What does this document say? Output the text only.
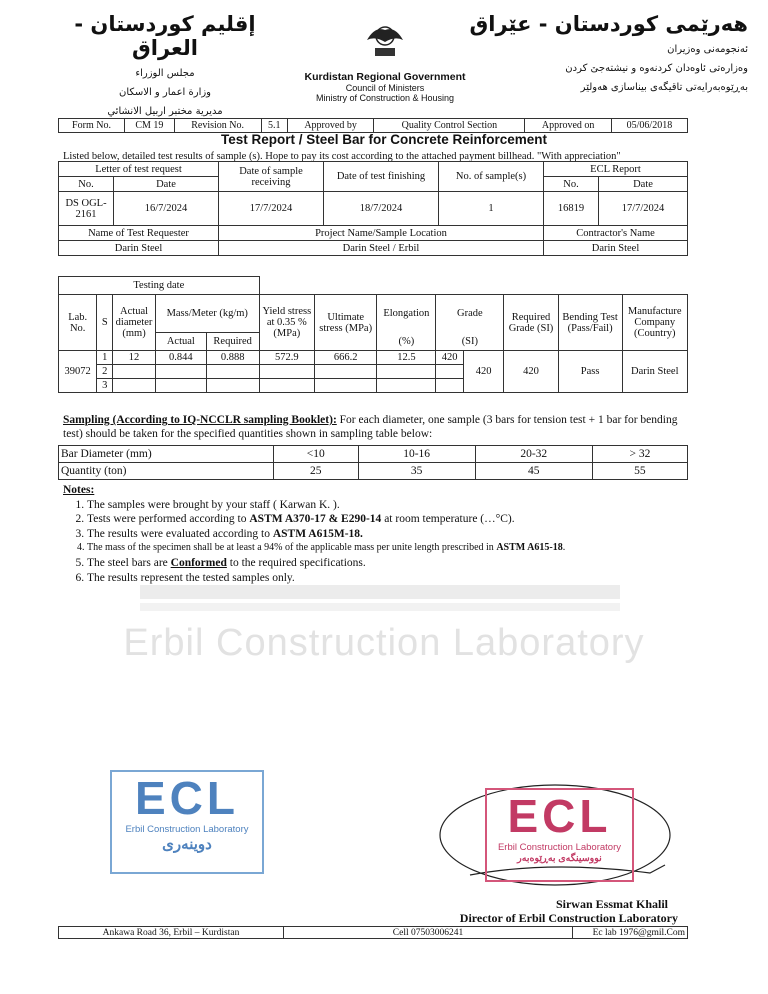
إقليم كوردستان - العراق
مجلس الوزراء
وزارة اعمار و الاسكان
مديرية مختبر اربيل الانشائي
Kurdistan Regional Government
Council of Ministers
Ministry of Construction & Housing
هەرێمی کوردستان - عێراق
ئەنجومەنی وەزیران
وەزارەتی ئاوەدان کردنەوە و نیشتەجێ کردن
بەڕێوەبەرایەتی تاقیگەی بیناسازی هەولێر
Form No.	CM 19	Revision No.	5.1	Approved by	Quality Control Section	Approved on	05/06/2018
Test Report / Steel Bar for Concrete Reinforcement
Listed below, detailed test results of sample (s). Hope to pay its cost according to the attached payment billhead. "With appreciation"
Letter of test request		Date of sample receiving	Date of test finishing	No. of sample(s)	ECL Report	
No.	Date				No.	Date
DS OGL-2161	16/7/2024	17/7/2024	18/7/2024	1	16819	17/7/2024
Name of Test Requester		Project Name/Sample Location			Contractor's Name	
Darin Steel		Darin Steel / Erbil			Darin Steel	
Testing date												
Lab. No.	S	Actual diameter (mm)	Mass/Meter (kg/m)		Yield stress at 0.35 % (MPa)	Ultimate stress (MPa)	Elongation	Grade		Required Grade (SI)	Bending Test (Pass/Fail)	Manufacture Company (Country)
			Actual	Required			(%)	(SI)				
39072	1	12	0.844	0.888	572.9	666.2	12.5	420	420	420	Pass	Darin Steel
	2											
	3											
Sampling (According to IQ-NCCLR sampling Booklet): For each diameter, one sample (3 bars for tension test + 1 bar for bending test) should be taken for the specified quantities shown in sampling table below:
Bar Diameter (mm)	<10	10-16	20-32	> 32
Quantity (ton)	25	35	45	55
Notes:
1. The samples were brought by your staff ( Karwan K. ).
2. Tests were performed according to ASTM A370-17 & E290-14 at room temperature (…°C).
3. The results were evaluated according to ASTM A615M-18.
4. The mass of the specimen shall be at least a 94% of the applicable mass per unite length prescribed in ASTM A615-18.
5. The steel bars are Conformed to the required specifications.
6. The results represent the tested samples only.
Erbil Construction Laboratory
ECL
Erbil Construction Laboratory
دوينەرى
ECL
Erbil Construction Laboratory
نووسینگەی بەڕێوەبەر
Sirwan Essmat Khalil
Director of Erbil Construction Laboratory
Ankawa Road 36, Erbil – Kurdistan	Cell 07503006241	Ec lab 1976@gmil.Com
